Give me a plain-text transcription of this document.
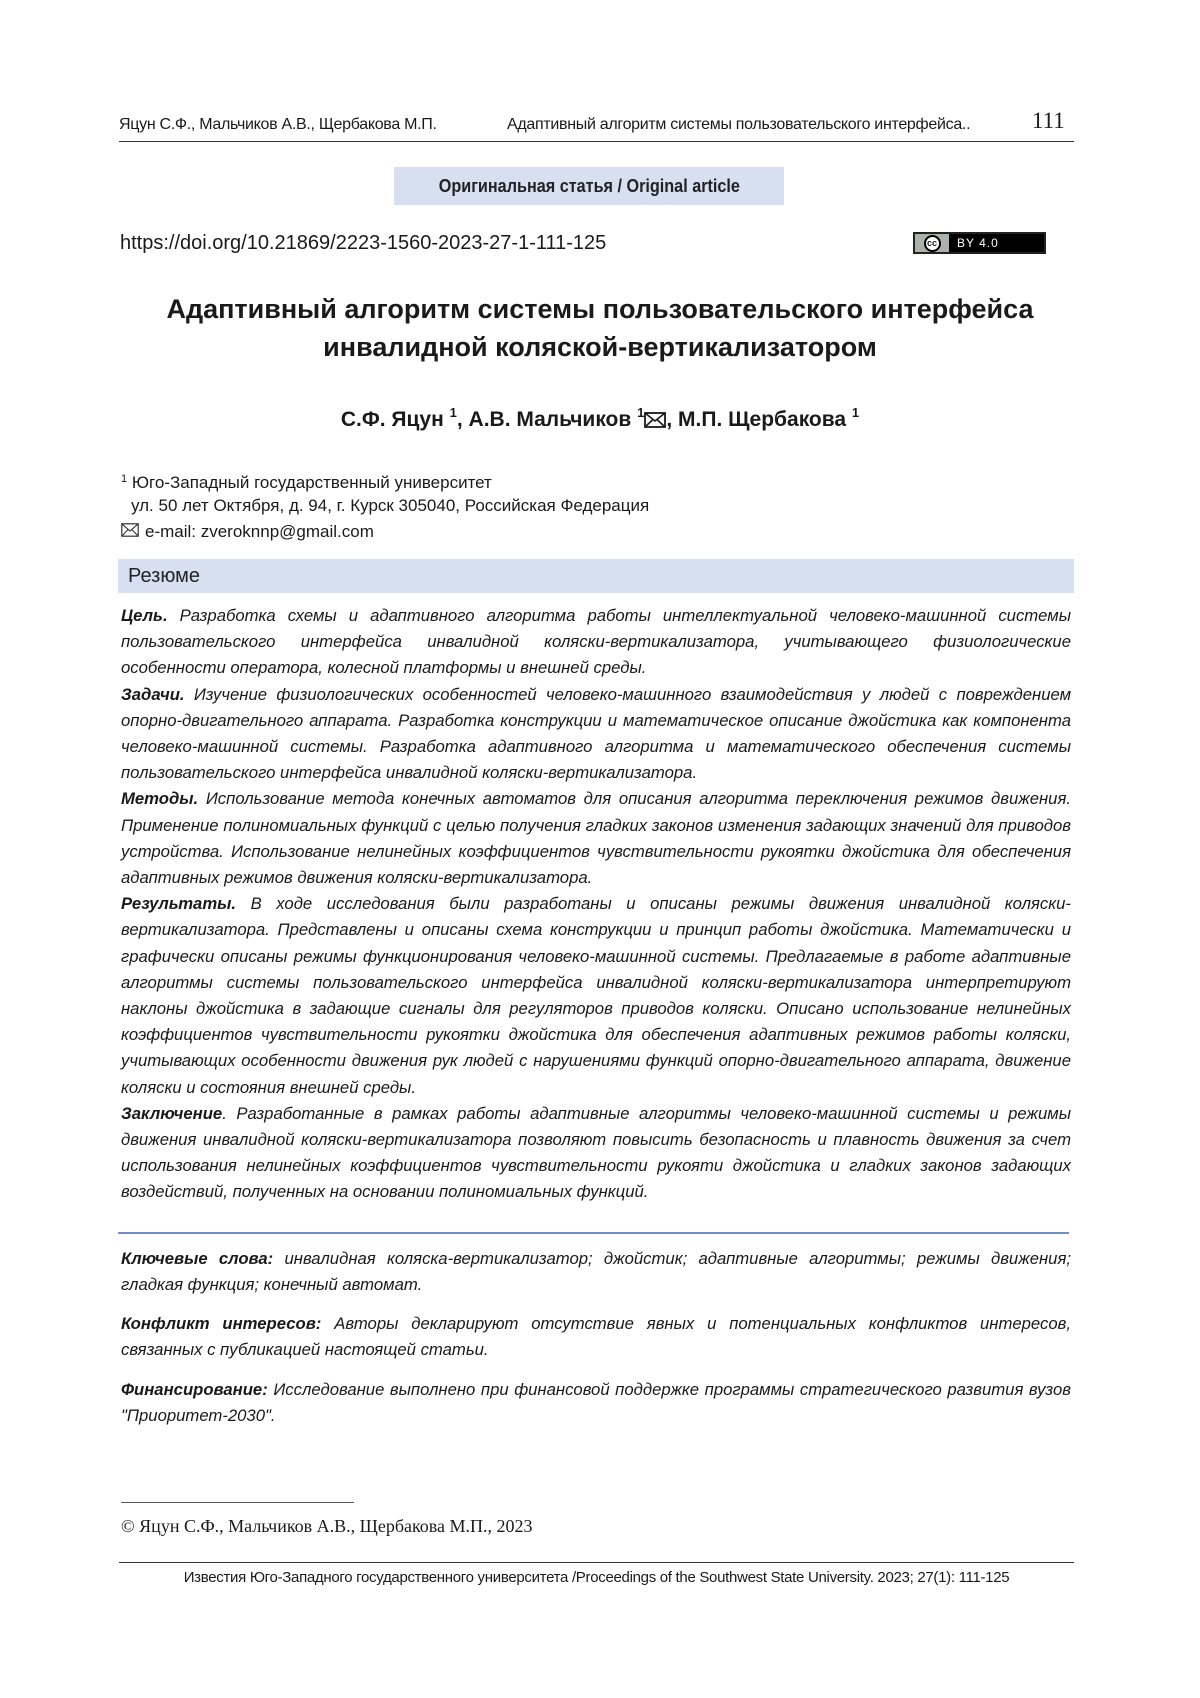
Яцун С.Ф., Мальчиков А.В., Щербакова М.П.	Адаптивный алгоритм системы пользовательского интерфейса..	111
Оригинальная статья / Original article
https://doi.org/10.21869/2223-1560-2023-27-1-111-125	cc	BY 4.0
Адаптивный алгоритм системы пользовательского интерфейса
инвалидной коляской-вертикализатором
С.Ф. Яцун $^1$, А.В. Мальчиков $^1$ , М.П. Щербакова $^1$
$^1$ Юго-Западный государственный университет
ул. 50 лет Октября, д. 94, г. Курск 305040, Российская Федерация
e-mail: zveroknnp@gmail.com
Резюме

Цель. Разработка схемы и адаптивного алгоритма работы интеллектуальной человеко-машинной системы пользовательского интерфейса инвалидной коляски-вертикализатора, учитывающего физиологические особенности оператора, колесной платформы и внешней среды.

Задачи. Изучение физиологических особенностей человеко-машинного взаимодействия у людей с повреждением опорно-двигательного аппарата. Разработка конструкции и математическое описание джойстика как компонента человеко-машинной системы. Разработка адаптивного алгоритма и математического обеспечения системы пользовательского интерфейса инвалидной коляски-вертикализатора.

Методы. Использование метода конечных автоматов для описания алгоритма переключения режимов движения. Применение полиномиальных функций с целью получения гладких законов изменения задающих значений для приводов устройства. Использование нелинейных коэффициентов чувствительности рукоятки джойстика для обеспечения адаптивных режимов движения коляски-вертикализатора.

Результаты. В ходе исследования были разработаны и описаны режимы движения инвалидной коляски-вертикализатора. Представлены и описаны схема конструкции и принцип работы джойстика. Математически и графически описаны режимы функционирования человеко-машинной системы. Предлагаемые в работе адаптивные алгоритмы системы пользовательского интерфейса инвалидной коляски-вертикализатора интерпретируют наклоны джойстика в задающие сигналы для регуляторов приводов коляски. Описано использование нелинейных коэффициентов чувствительности рукоятки джойстика для обеспечения адаптивных режимов работы коляски, учитывающих особенности движения рук людей с нарушениями функций опорно-двигательного аппарата, движение коляски и состояния внешней среды.

Заключение. Разработанные в рамках работы адаптивные алгоритмы человеко-машинной системы и режимы движения инвалидной коляски-вертикализатора позволяют повысить безопасность и плавность движения за счет использования нелинейных коэффициентов чувствительности рукояти джойстика и гладких законов задающих воздействий, полученных на основании полиномиальных функций.

Ключевые слова: инвалидная коляска-вертикализатор; джойстик; адаптивные алгоритмы; режимы движения; гладкая функция; конечный автомат.

Конфликт интересов: Авторы декларируют отсутствие явных и потенциальных конфликтов интересов, связанных с публикацией настоящей статьи.

Финансирование: Исследование выполнено при финансовой поддержке программы стратегического развития вузов "Приоритет-2030".

© Яцун С.Ф., Мальчиков А.В., Щербакова М.П., 2023
Известия Юго-Западного государственного университета /Proceedings of the Southwest State University. 2023; 27(1): 111-125
